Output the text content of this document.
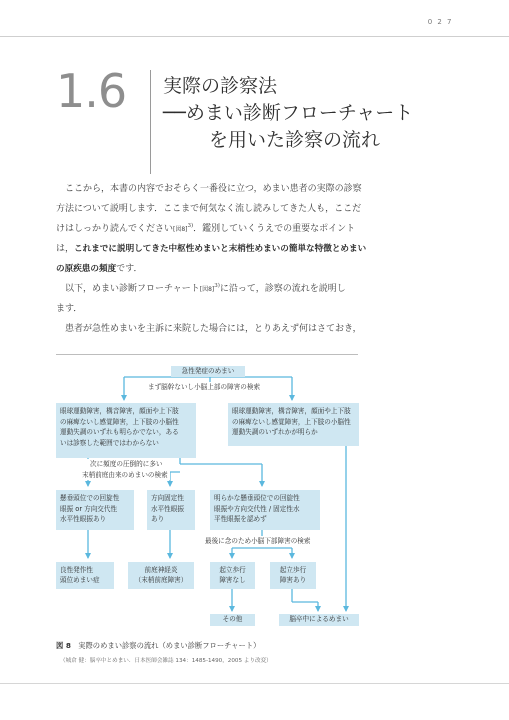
0 2 7
1.6 実際の診察法
──めまい診断フローチャート
を用いた診察の流れ
ここから，本書の内容でおそらく一番役に立つ，めまい患者の実際の診察
方法について説明します．ここまで何気なく流し読みしてきた人も，ここだ
けはしっかり読んでください[図8]$^{3)}$．鑑別していくうえでの重要なポイント
は，これまでに説明してきた中枢性めまいと末梢性めまいの簡単な特徴とめまい
の原疾患の頻度です．
以下，めまい診断フローチャート[図8]$^{3)}$に沿って，診察の流れを説明し
ます．
患者が急性めまいを主訴に来院した場合には，とりあえず何はさておき，
急性発症のめまい
まず脳幹ないし小脳上部の障害の検索
眼球運動障害，構音障害，顔面や上下肢
の麻痺ないし感覚障害，上下肢の小脳性
運動失調のいずれも明らかでない，ある
いは診察した範囲ではわからない
眼球運動障害，構音障害，顔面や上下肢
の麻痺ないし感覚障害，上下肢の小脳性
運動失調のいずれかが明らか
次に頻度の圧倒的に多い
末梢前庭由来のめまいの検索
懸垂頭位での回旋性
眼振 or 方向交代性
水平性眼振あり
方向固定性
水平性眼振
あり
明らかな懸垂頭位での回旋性
眼振や方向交代性 / 固定性水
平性眼振を認めず
最後に念のため小脳下部障害の検索
良性発作性
頭位めまい症
前庭神経炎
（末梢前庭障害）
起立歩行
障害なし
起立歩行
障害あり
その他	脳卒中によるめまい
図 8　 実際のめまい診察の流れ（めまい診断フローチャート）
（城倉 健：脳卒中とめまい．日本医師会雑誌 134：1485-1490，2005 より改変）
